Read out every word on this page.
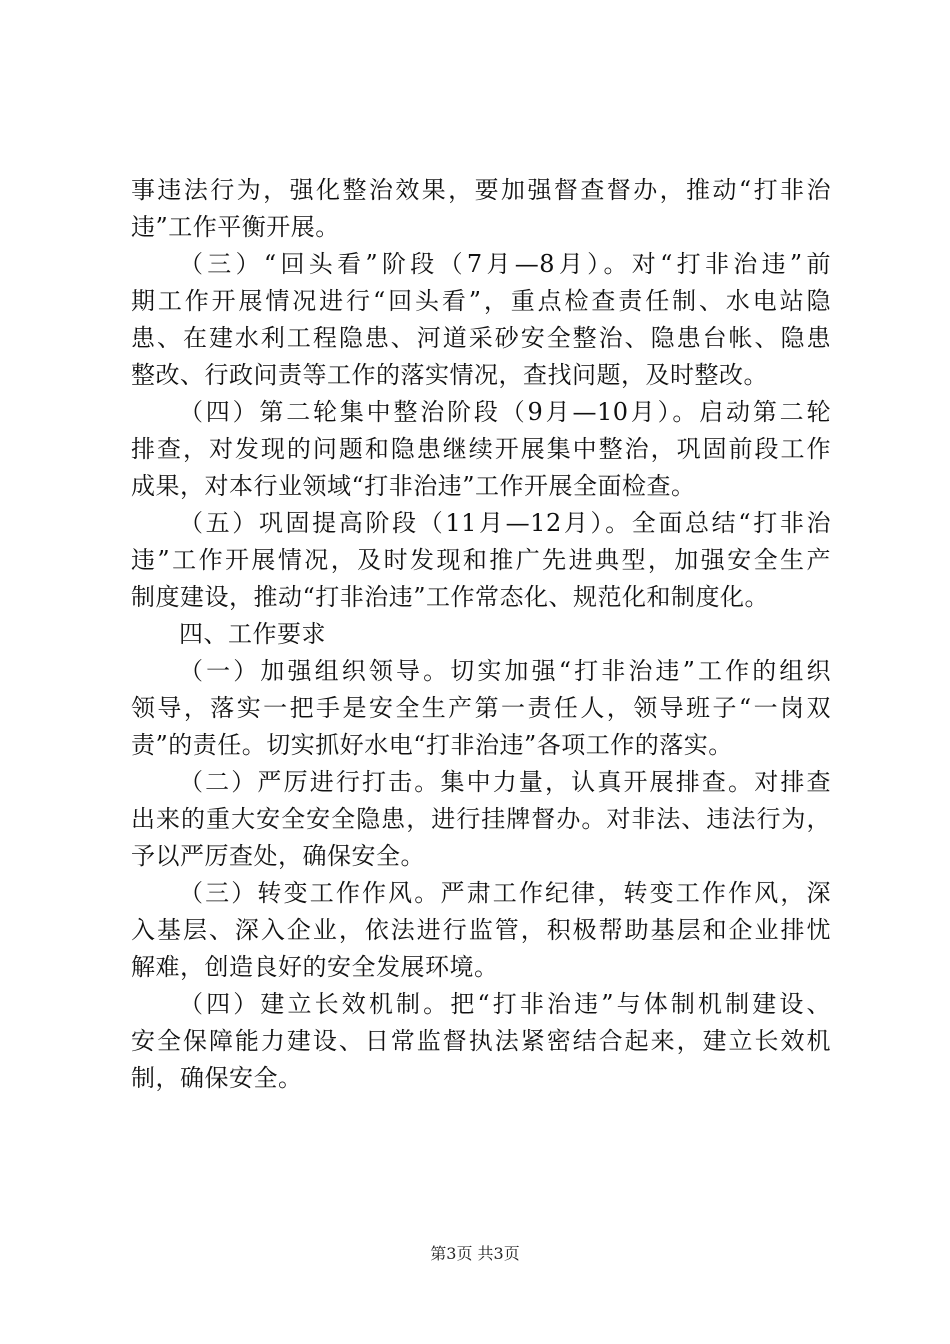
事违法行为，强化整治效果，要加强督查督办，推动“打非治
违”工作平衡开展。
（三）“回头看”阶段（7月—8月）。对“打非治违”前
期工作开展情况进行“回头看”，重点检查责任制、水电站隐
患、在建水利工程隐患、河道采砂安全整治、隐患台帐、隐患
整改、行政问责等工作的落实情况，查找问题，及时整改。
（四）第二轮集中整治阶段（9月—10月）。启动第二轮
排查，对发现的问题和隐患继续开展集中整治，巩固前段工作
成果，对本行业领域“打非治违”工作开展全面检查。
（五）巩固提高阶段（11月—12月）。全面总结“打非治
违”工作开展情况，及时发现和推广先进典型，加强安全生产
制度建设，推动“打非治违”工作常态化、规范化和制度化。
四、工作要求
（一）加强组织领导。切实加强“打非治违”工作的组织
领导，落实一把手是安全生产第一责任人，领导班子“一岗双
责”的责任。切实抓好水电“打非治违”各项工作的落实。
（二）严厉进行打击。集中力量，认真开展排查。对排查
出来的重大安全安全隐患，进行挂牌督办。对非法、违法行为，
予以严厉查处，确保安全。
（三）转变工作作风。严肃工作纪律，转变工作作风，深
入基层、深入企业，依法进行监管，积极帮助基层和企业排忧
解难，创造良好的安全发展环境。
（四）建立长效机制。把“打非治违”与体制机制建设、
安全保障能力建设、日常监督执法紧密结合起来，建立长效机
制，确保安全。
第3页 共3页
